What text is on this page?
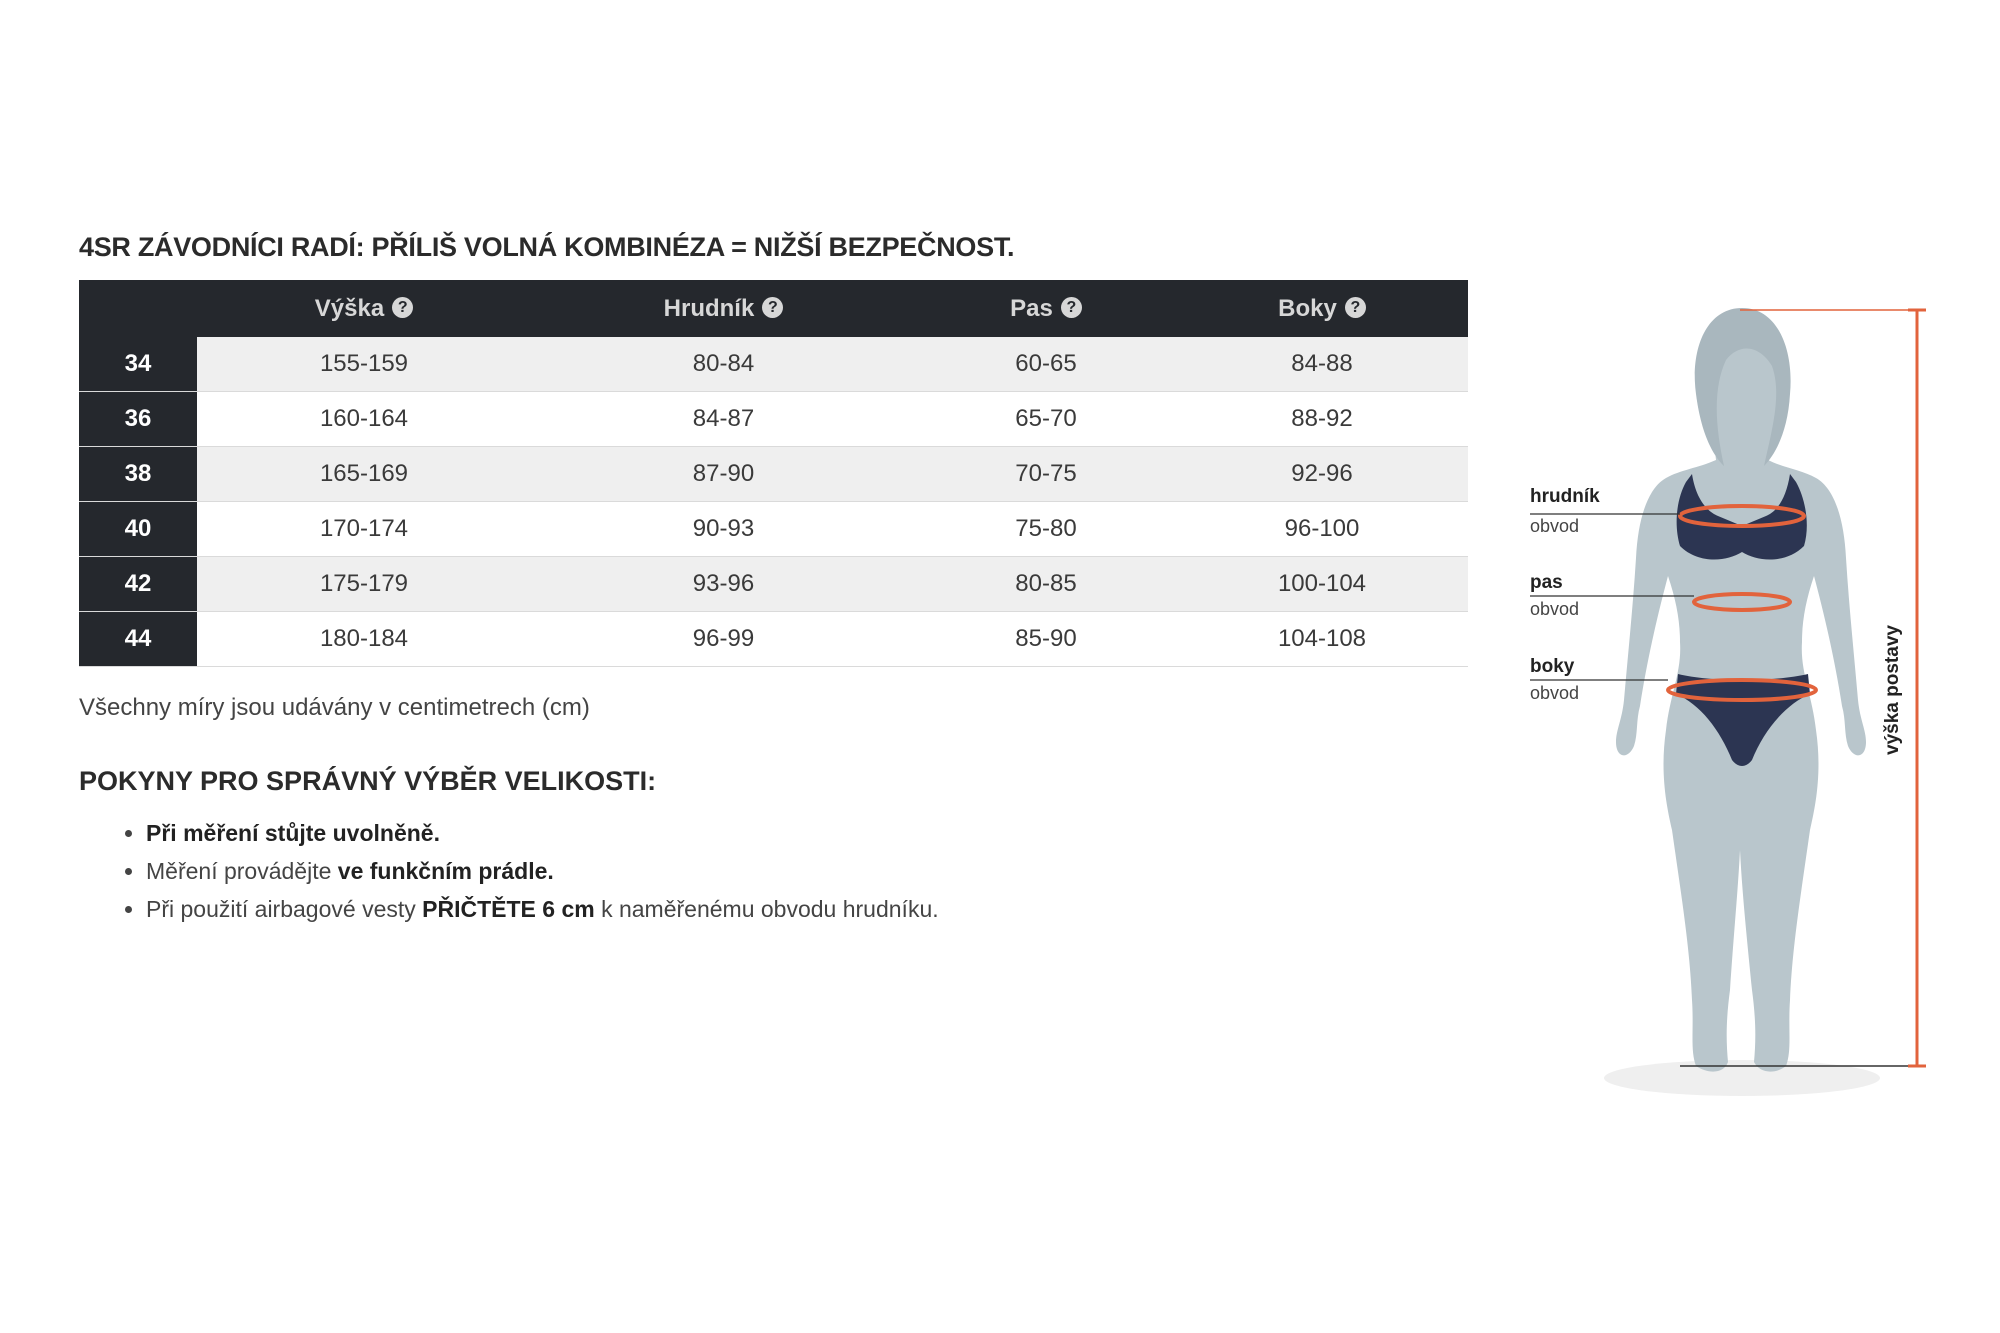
4SR ZÁVODNÍCI RADÍ: PŘÍLIŠ VOLNÁ KOMBINÉZA = NIŽŠÍ BEZPEČNOST.
	Výška ?	Hrudník ?	Pas ?	Boky ?
34	155-159	80-84	60-65	84-88
36	160-164	84-87	65-70	88-92
38	165-169	87-90	70-75	92-96
40	170-174	90-93	75-80	96-100
42	175-179	93-96	80-85	100-104
44	180-184	96-99	85-90	104-108

Všechny míry jsou udávány v centimetrech (cm)

POKYNY PRO SPRÁVNÝ VÝBĚR VELIKOSTI:
• Při měření stůjte uvolněně.
• Měření provádějte ve funkčním prádle.
• Při použití airbagové vesty PŘIČTĚTE 6 cm k naměřenému obvodu hrudníku.
hrudník
obvod
pas
obvod
boky
obvod	výška postavy
